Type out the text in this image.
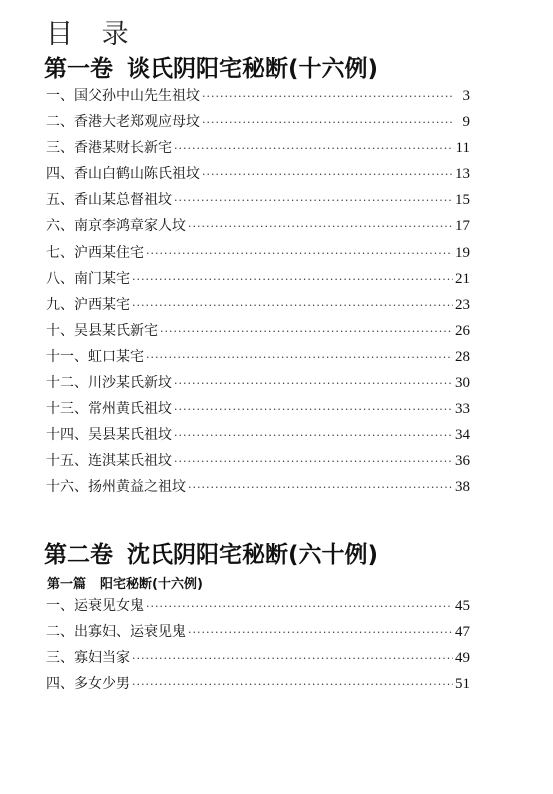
目 录
第一卷 谈氏阴阳宅秘断(十六例)
一、国父孙中山先生祖坟 ·····	3
二、香港大老郑观应母坟 ·····	9
三、香港某财长新宅 ·····	11
四、香山白鹤山陈氏祖坟 ·····	13
五、香山某总督祖坟 ·····	15
六、南京李鸿章家人坟 ·····	17
七、沪西某住宅 ·····	19
八、南门某宅 ·····	21
九、沪西某宅 ·····	23
十、吴县某氏新宅 ·····	26
十一、虹口某宅 ·····	28
十二、川沙某氏新坟 ·····	30
十三、常州黄氏祖坟 ·····	33
十四、吴县某氏祖坟 ·····	34
十五、连淇某氏祖坟 ·····	36
十六、扬州黄益之祖坟 ·····	38
第二卷 沈氏阴阳宅秘断(六十例)
第一篇 阳宅秘断(十六例)
一、运衰见女鬼 ·····	45
二、出寡妇、运衰见鬼 ·····	47
三、寡妇当家 ·····	49
四、多女少男 ·····	51
